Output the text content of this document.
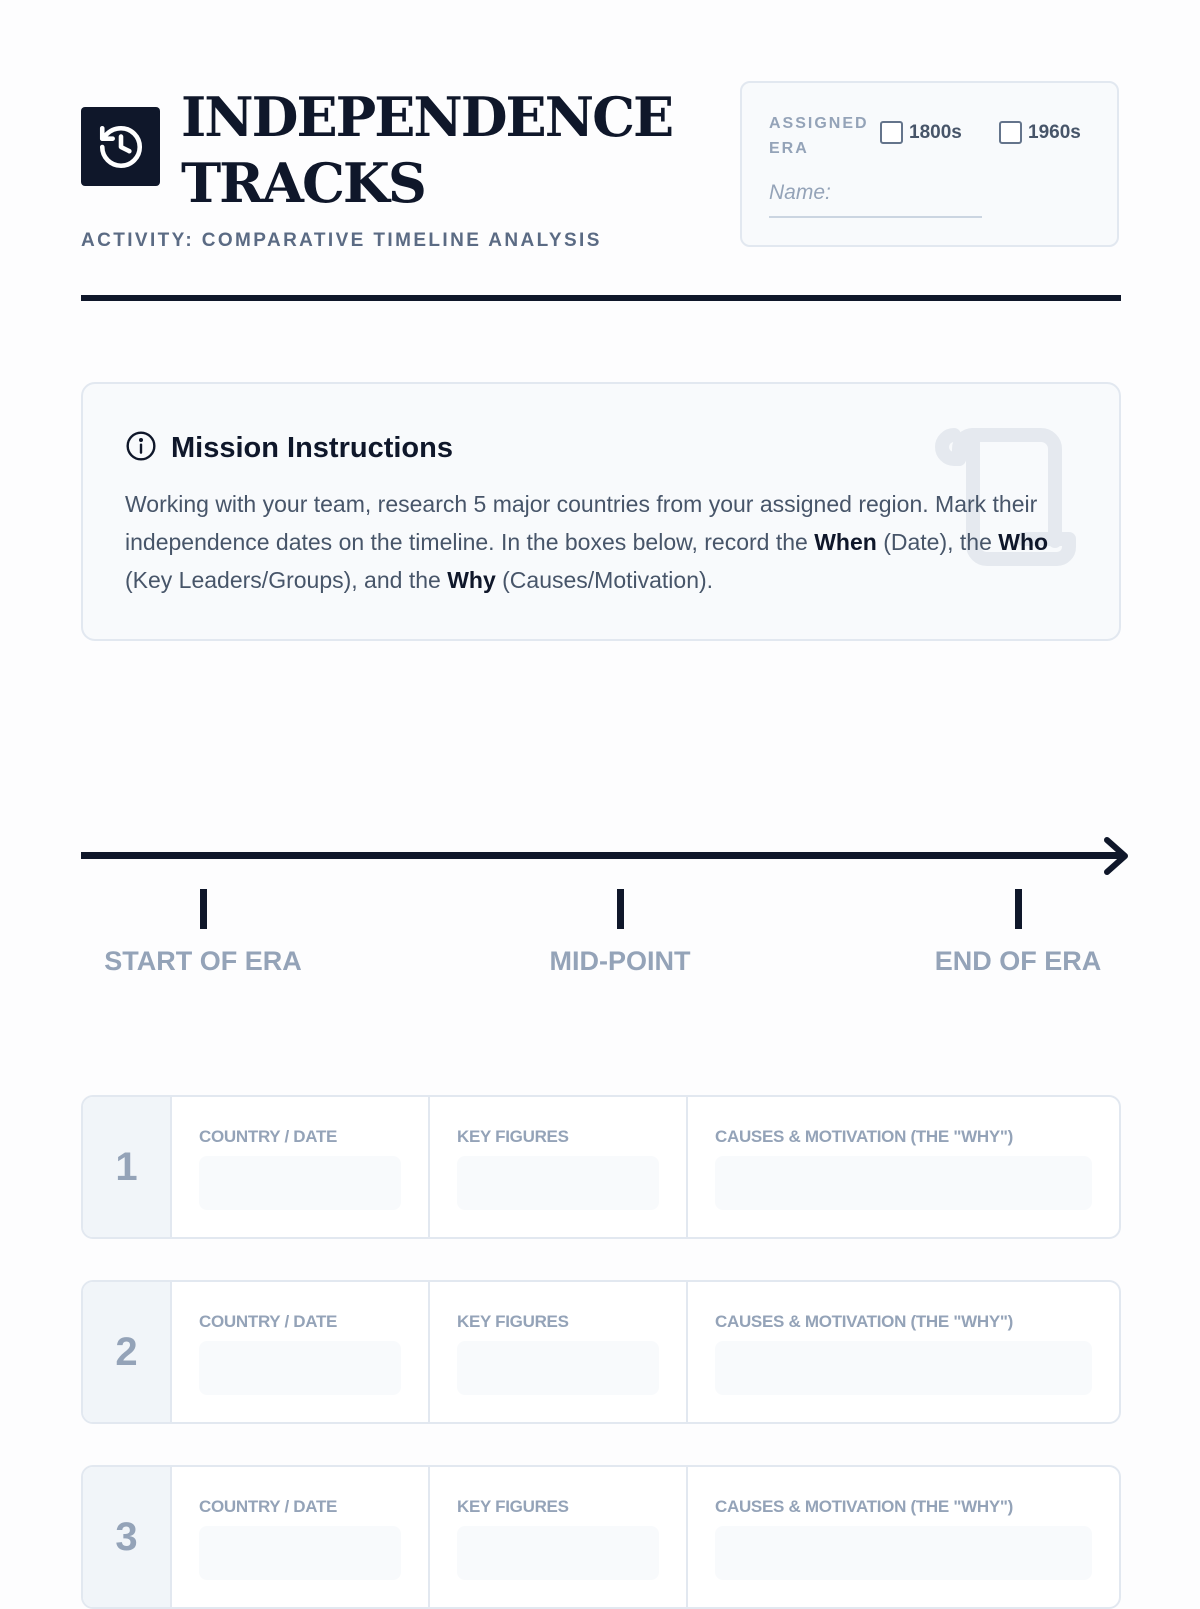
INDEPENDENCE
TRACKS
ACTIVITY: COMPARATIVE TIMELINE ANALYSIS
ASSIGNED ERA
1800s	1960s
Name:
Mission Instructions
Working with your team, research 5 major countries from your assigned region. Mark their independence dates on the timeline. In the boxes below, record the When (Date), the Who (Key Leaders/Groups), and the Why (Causes/Motivation).
START OF ERA	MID-POINT	END OF ERA
1
COUNTRY / DATE	KEY FIGURES	CAUSES & MOTIVATION (THE "WHY")
2
COUNTRY / DATE	KEY FIGURES	CAUSES & MOTIVATION (THE "WHY")
3
COUNTRY / DATE	KEY FIGURES	CAUSES & MOTIVATION (THE "WHY")
